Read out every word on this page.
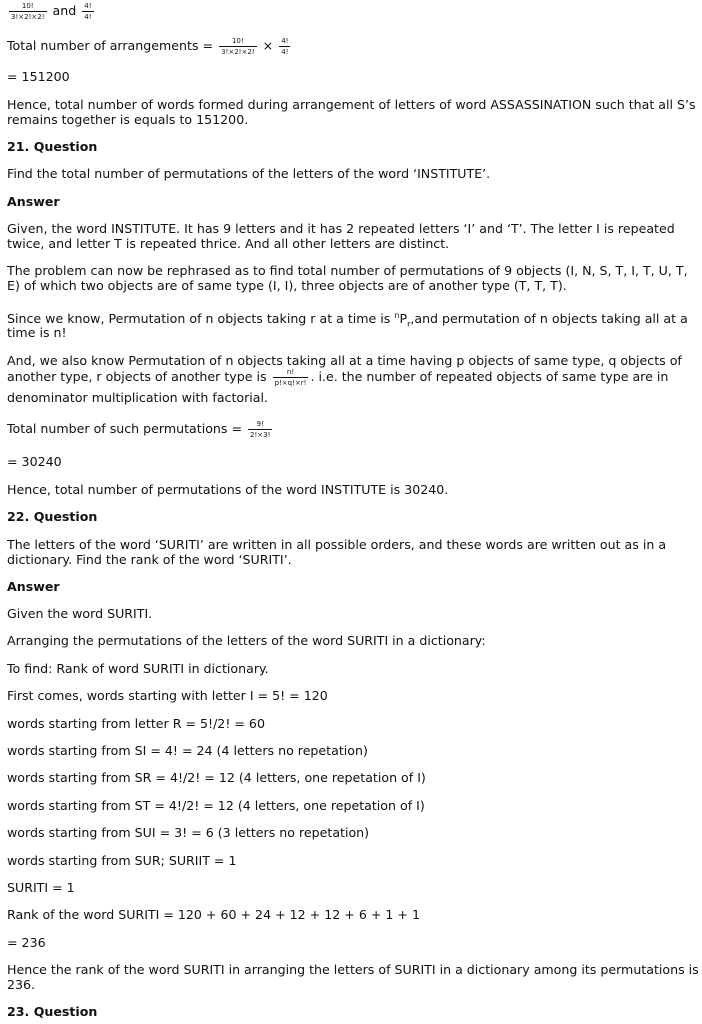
$\frac{10!}{3!\times 2!\times 2!}$ and $\frac{4!}{4!}$
Total number of arrangements = $\frac{10!}{3!\times 2!\times 2!} \times \frac{4!}{4!}$
= 151200
Hence, total number of words formed during arrangement of letters of word ASSASSINATION such that all S’s
remains together is equals to 151200.
21. Question
Find the total number of permutations of the letters of the word ‘INSTITUTE’.
Answer
Given, the word INSTITUTE. It has 9 letters and it has 2 repeated letters ‘I’ and ‘T’. The letter I is repeated
twice, and letter T is repeated thrice. And all other letters are distinct.
The problem can now be rephrased as to find total number of permutations of 9 objects (I, N, S, T, I, T, U, T,
E) of which two objects are of same type (I, I), three objects are of another type (T, T, T).
Since we know, Permutation of n objects taking r at a time is $^nP_r,and$ permutation of n objects taking all at a
time is n!
And, we also know Permutation of n objects taking all at a time having p objects of same type, q objects of
another type, r objects of another type is $\frac{n!}{p!\times q!\times r!}$ . i.e. the number of repeated objects of same type are in
denominator multiplication with factorial.
Total number of such permutations = $\frac{9!}{2!\times 3!}$
= 30240
Hence, total number of permutations of the word INSTITUTE is 30240.
22. Question
The letters of the word ‘SURITI’ are written in all possible orders, and these words are written out as in a
dictionary. Find the rank of the word ‘SURITI’.
Answer
Given the word SURITI.
Arranging the permutations of the letters of the word SURITI in a dictionary:
To find: Rank of word SURITI in dictionary.
First comes, words starting with letter I = 5! = 120
words starting from letter R = 5!/2! = 60
words starting from SI = 4! = 24 (4 letters no repetation)
words starting from SR = 4!/2! = 12 (4 letters, one repetation of I)
words starting from ST = 4!/2! = 12 (4 letters, one repetation of I)
words starting from SUI = 3! = 6 (3 letters no repetation)
words starting from SUR; SURIIT = 1
SURITI = 1
Rank of the word SURITI = 120 + 60 + 24 + 12 + 12 + 6 + 1 + 1
= 236
Hence the rank of the word SURITI in arranging the letters of SURITI in a dictionary among its permutations is
236.
23. Question
